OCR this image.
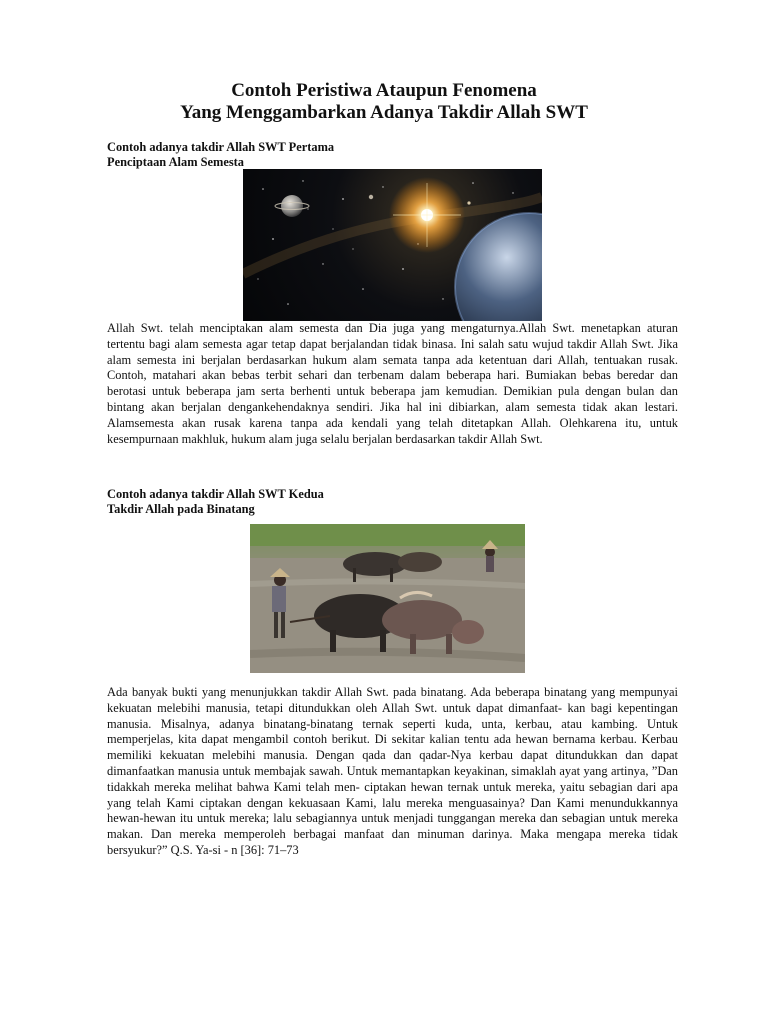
Contoh Peristiwa Ataupun Fenomena
Yang Menggambarkan Adanya Takdir Allah SWT
Contoh adanya takdir Allah SWT Pertama
Penciptaan Alam Semesta
Allah Swt. telah menciptakan alam semesta dan Dia juga yang mengaturnya.Allah Swt. menetapkan aturan tertentu bagi alam semesta agar tetap dapat berjalandan tidak binasa. Ini salah satu wujud takdir Allah Swt. Jika alam semesta ini berjalan berdasarkan hukum alam semata tanpa ada ketentuan dari Allah, tentuakan rusak. Contoh, matahari akan bebas terbit sehari dan terbenam dalam beberapa hari. Bumiakan bebas beredar dan berotasi untuk beberapa jam serta berhenti untuk beberapa jam kemudian. Demikian pula dengan bulan dan bintang akan berjalan dengankehendaknya sendiri. Jika hal ini dibiarkan, alam semesta tidak akan lestari. Alamsemesta akan rusak karena tanpa ada kendali yang telah ditetapkan Allah. Olehkarena itu, untuk kesempurnaan makhluk, hukum alam juga selalu berjalan berdasarkan takdir Allah Swt.
Contoh adanya takdir Allah SWT Kedua
Takdir Allah pada Binatang
Ada banyak bukti yang menunjukkan takdir Allah Swt. pada binatang. Ada beberapa binatang yang mempunyai kekuatan melebihi manusia, tetapi ditundukkan oleh Allah Swt. untuk dapat dimanfaat- kan bagi kepentingan manusia. Misalnya, adanya binatang-binatang ternak seperti kuda, unta, kerbau, atau kambing. Untuk memperjelas, kita dapat mengambil contoh berikut. Di sekitar kalian tentu ada hewan bernama kerbau. Kerbau memiliki kekuatan melebihi manusia. Dengan qada dan qadar-Nya kerbau dapat ditundukkan dan dapat dimanfaatkan manusia untuk membajak sawah. Untuk memantapkan keyakinan, simaklah ayat yang artinya, ”Dan tidakkah mereka melihat bahwa Kami telah men- ciptakan hewan ternak untuk mereka, yaitu sebagian dari apa yang telah Kami ciptakan dengan kekuasaan Kami, lalu mereka menguasainya? Dan Kami menundukkannya hewan-hewan itu untuk mereka; lalu sebagiannya untuk menjadi tunggangan mereka dan sebagian untuk mereka makan. Dan mereka memperoleh berbagai manfaat dan minuman darinya. Maka mengapa mereka tidak bersyukur?” Q.S. Ya-si - n [36]: 71–73
